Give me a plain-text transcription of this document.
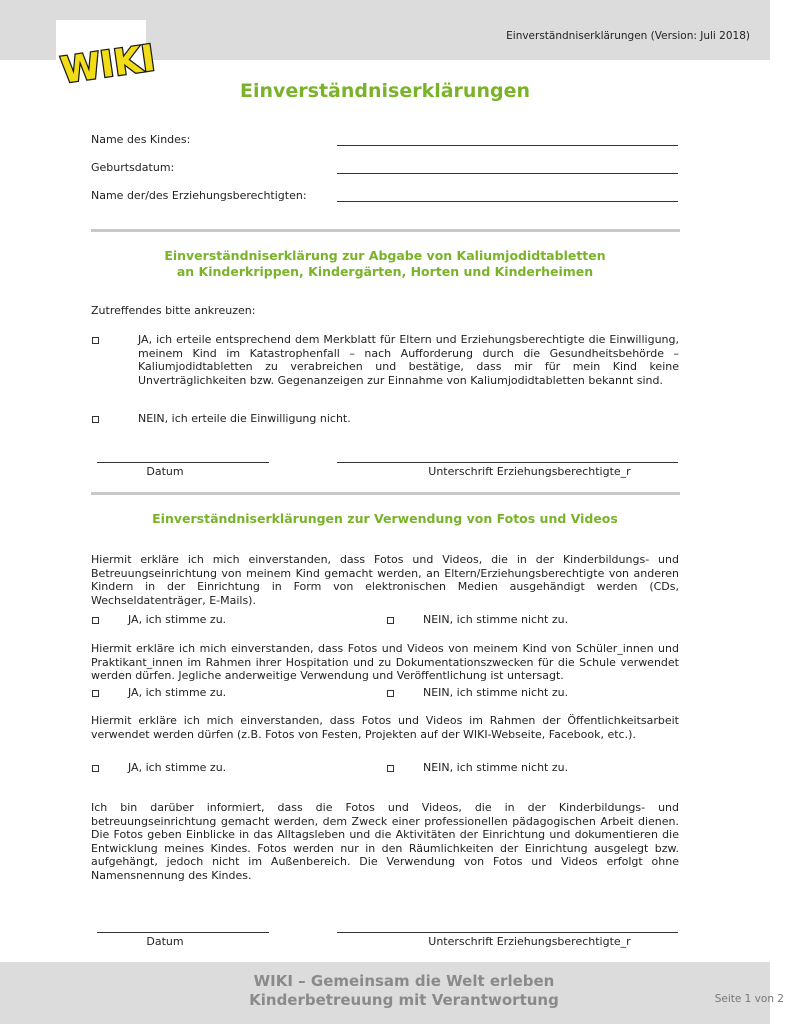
Einverständniserklärungen (Version: Juli 2018)
WIKI	Einverständniserklärungen
Name des Kindes:
Geburtsdatum:
Name der/des Erziehungsberechtigten:
Einverständniserklärung zur Abgabe von Kaliumjodidtabletten
an Kinderkrippen, Kindergärten, Horten und Kinderheimen
Zutreffendes bitte ankreuzen:
JA, ich erteile entsprechend dem Merkblatt für Eltern und Erziehungsberechtigte die Einwilligung, meinem Kind im Katastrophenfall – nach Aufforderung durch die Gesundheitsbehörde – Kaliumjodidtabletten zu verabreichen und bestätige, dass mir für mein Kind keine Unverträglichkeiten bzw. Gegenanzeigen zur Einnahme von Kaliumjodidtabletten bekannt sind.
NEIN, ich erteile die Einwilligung nicht.
Datum	Unterschrift Erziehungsberechtigte_r
Einverständniserklärungen zur Verwendung von Fotos und Videos
Hiermit erkläre ich mich einverstanden, dass Fotos und Videos, die in der Kinderbildungs- und Betreuungseinrichtung von meinem Kind gemacht werden, an Eltern/Erziehungsberechtigte von anderen Kindern in der Einrichtung in Form von elektronischen Medien ausgehändigt werden (CDs, Wechseldatenträger, E-Mails).
JA, ich stimme zu.	NEIN, ich stimme nicht zu.
Hiermit erkläre ich mich einverstanden, dass Fotos und Videos von meinem Kind von Schüler_innen und Praktikant_innen im Rahmen ihrer Hospitation und zu Dokumentationszwecken für die Schule verwendet werden dürfen. Jegliche anderweitige Verwendung und Veröffentlichung ist untersagt.
JA, ich stimme zu.	NEIN, ich stimme nicht zu.
Hiermit erkläre ich mich einverstanden, dass Fotos und Videos im Rahmen der Öffentlichkeitsarbeit verwendet werden dürfen (z.B. Fotos von Festen, Projekten auf der WIKI-Webseite, Facebook, etc.).
JA, ich stimme zu.	NEIN, ich stimme nicht zu.
Ich bin darüber informiert, dass die Fotos und Videos, die in der Kinderbildungs- und betreuungseinrichtung gemacht werden, dem Zweck einer professionellen pädagogischen Arbeit dienen. Die Fotos geben Einblicke in das Alltagsleben und die Aktivitäten der Einrichtung und dokumentieren die Entwicklung meines Kindes. Fotos werden nur in den Räumlichkeiten der Einrichtung ausgelegt bzw. aufgehängt, jedoch nicht im Außenbereich. Die Verwendung von Fotos und Videos erfolgt ohne Namensnennung des Kindes.
Datum	Unterschrift Erziehungsberechtigte_r
WIKI – Gemeinsam die Welt erleben
Kinderbetreuung mit Verantwortung	Seite 1 von 2
